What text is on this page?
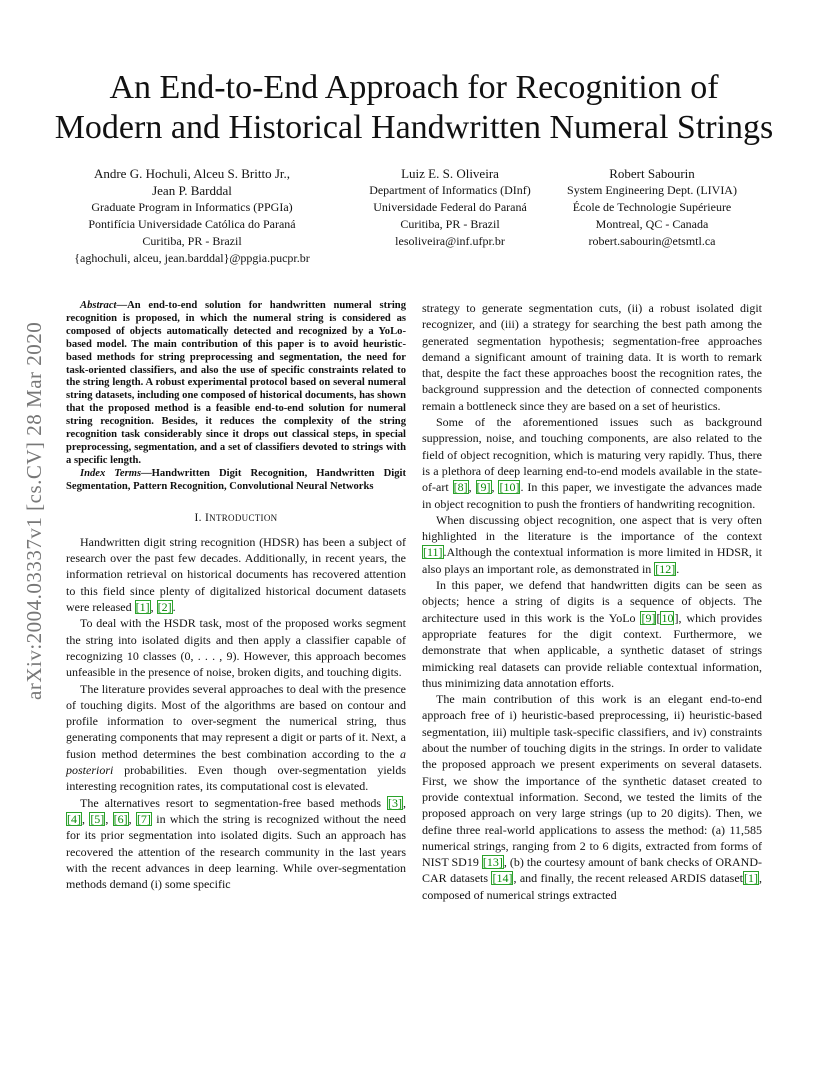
arXiv:2004.03337v1 [cs.CV] 28 Mar 2020
An End-to-End Approach for Recognition of
Modern and Historical Handwritten Numeral Strings
Andre G. Hochuli, Alceu S. Britto Jr.,
Jean P. Barddal
Graduate Program in Informatics (PPGIa)
Pontifícia Universidade Católica do Paraná
Curitiba, PR - Brazil
{aghochuli, alceu, jean.barddal}@ppgia.pucpr.br
Luiz E. S. Oliveira
Department of Informatics (DInf)
Universidade Federal do Paraná
Curitiba, PR - Brazil
lesoliveira@inf.ufpr.br
Robert Sabourin
System Engineering Dept. (LIVIA)
École de Technologie Supérieure
Montreal, QC - Canada
robert.sabourin@etsmtl.ca

Abstract—An end-to-end solution for handwritten numeral string recognition is proposed, in which the numeral string is considered as composed of objects automatically detected and recognized by a YoLo-based model. The main contribution of this paper is to avoid heuristic-based methods for string preprocessing and segmentation, the need for task-oriented classifiers, and also the use of specific constraints related to the string length. A robust experimental protocol based on several numeral string datasets, including one composed of historical documents, has shown that the proposed method is a feasible end-to-end solution for numeral string recognition. Besides, it reduces the complexity of the string recognition task considerably since it drops out classical steps, in special preprocessing, segmentation, and a set of classifiers devoted to strings with a specific length.

Index Terms—Handwritten Digit Recognition, Handwritten Digit Segmentation, Pattern Recognition, Convolutional Neural Networks

I. INTRODUCTION

Handwritten digit string recognition (HDSR) has been a subject of research over the past few decades. Additionally, in recent years, the information retrieval on historical documents has recovered attention to this field since plenty of digitalized historical document datasets were released [1], [2].

To deal with the HSDR task, most of the proposed works segment the string into isolated digits and then apply a classifier capable of recognizing 10 classes (0, . . . , 9). However, this approach becomes unfeasible in the presence of noise, broken digits, and touching digits.

The literature provides several approaches to deal with the presence of touching digits. Most of the algorithms are based on contour and profile information to over-segment the numerical string, thus generating components that may represent a digit or parts of it. Next, a fusion method determines the best combination according to the a posteriori probabilities. Even though over-segmentation yields interesting recognition rates, its computational cost is elevated.

The alternatives resort to segmentation-free based methods [3], [4], [5], [6], [7] in which the string is recognized without the need for its prior segmentation into isolated digits. Such an approach has recovered the attention of the research community in the last years with the recent advances in deep learning. While over-segmentation methods demand (i) some specific

strategy to generate segmentation cuts, (ii) a robust isolated digit recognizer, and (iii) a strategy for searching the best path among the generated segmentation hypothesis; segmentation-free approaches demand a significant amount of training data. It is worth to remark that, despite the fact these approaches boost the recognition rates, the background suppression and the detection of connected components remain a bottleneck since they are based on a set of heuristics.

Some of the aforementioned issues such as background suppression, noise, and touching components, are also related to the field of object recognition, which is maturing very rapidly. Thus, there is a plethora of deep learning end-to-end models available in the state-of-art [8], [9], [10]. In this paper, we investigate the advances made in object recognition to push the frontiers of handwriting recognition.

When discussing object recognition, one aspect that is very often highlighted in the literature is the importance of the context [11].Although the contextual information is more limited in HDSR, it also plays an important role, as demonstrated in [12].

In this paper, we defend that handwritten digits can be seen as objects; hence a string of digits is a sequence of objects. The architecture used in this work is the YoLo [9][10], which provides appropriate features for the digit context. Furthermore, we demonstrate that when applicable, a synthetic dataset of strings mimicking real datasets can provide reliable contextual information, thus minimizing data annotation efforts.

The main contribution of this work is an elegant end-to-end approach free of i) heuristic-based preprocessing, ii) heuristic-based segmentation, iii) multiple task-specific classifiers, and iv) constraints about the number of touching digits in the strings. In order to validate the proposed approach we present experiments on several datasets. First, we show the importance of the synthetic dataset created to provide contextual information. Second, we tested the limits of the proposed approach on very large strings (up to 20 digits). Then, we define three real-world applications to assess the method: (a) 11,585 numerical strings, ranging from 2 to 6 digits, extracted from forms of NIST SD19 [13], (b) the courtesy amount of bank checks of ORAND-CAR datasets [14], and finally, the recent released ARDIS dataset[1], composed of numerical strings extracted
